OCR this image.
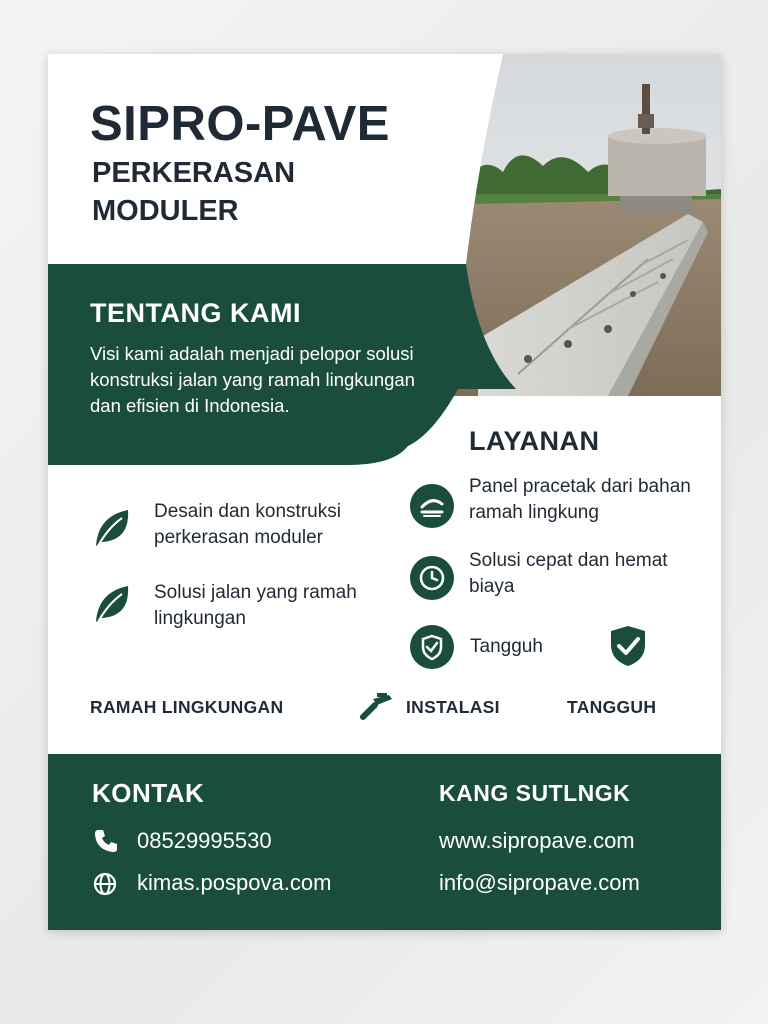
SIPRO-PAVE
PERKERASAN MODULER
TENTANG KAMI
Visi kami adalah menjadi pelopor solusi konstruksi jalan yang ramah lingkungan dan efisien di Indonesia.
LAYANAN
Desain dan konstruksi perkerasan moduler
Solusi jalan yang ramah lingkungan
Panel pracetak dari bahan ramah lingkung
Solusi cepat dan hemat biaya
Tangguh
RAMAH LINGKUNGAN	INSTALASI	TANGGUH
KONTAK
08529995530
kimas.pospova.com
KANG SUTLNGK
www.sipropave.com
info@sipropave.com
